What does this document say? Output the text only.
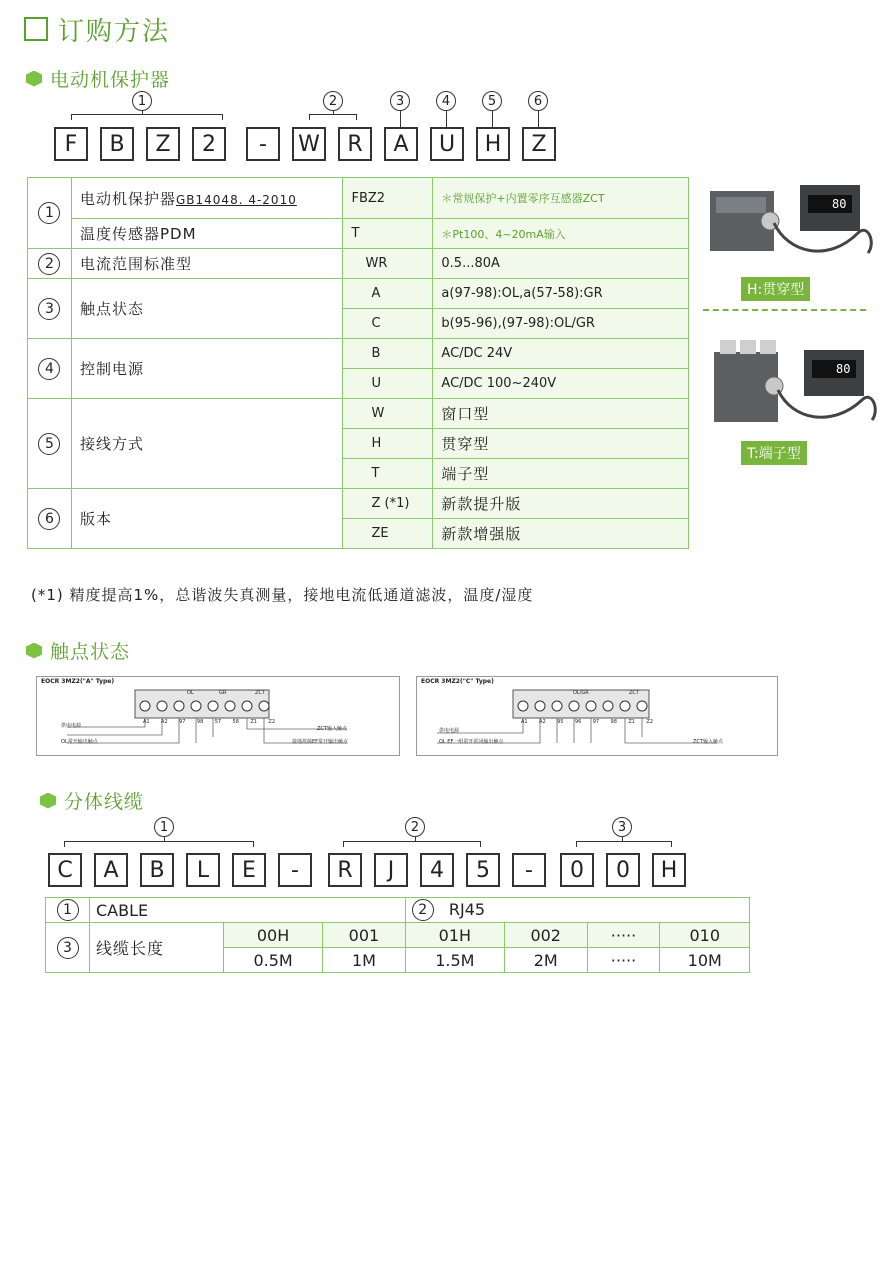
订购方法
电动机保护器
F	B	Z	2	-	W	R	A	U	H	Z
1	2	3	4	5	6
1	电动机保护器GB14048. 4-2010	FBZ2	＊常规保护+内置零序互感器ZCT
	温度传感器PDM	T	＊Pt100、4~20mA输入

2	电流范围标准型	WR	0.5...80A

3	触点状态	A	a(97-98):OL,a(57-58):GR
		C	b(95-96),(97-98):OL/GR

4	控制电源	B	AC/DC 24V
		U	AC/DC 100~240V

5	接线方式	W	窗口型
		H	贯穿型
		T	端子型

6	版本	Z (*1)	新款提升版
		ZE	新款增强版
(*1) 精度提高1%，总谐波失真测量，接地电流低通道滤波，温度/湿度
80
H:贯穿型
80
T:端子型
触点状态
EOCR 3MZ2("A" Type)
A1 A2 97 98 57 58 Z1 Z2
OL	GR	ZCT
供电电源
OL常开输出触点
ZCT输入触点
接地故障EF常开输出触点
EOCR 3MZ2("C" Type)
A1 A2 95 96 97 98 Z1 Z2
OL/GR	ZCT
供电电源
OL EF一组常开常闭输出触点	ZCT输入触点
分体线缆
1	2	3
C	A	B	L	E	-	R	J	4	5	-	0	0	H
1	CABLE			2 RJ45			

3	线缆长度	00H	001	01H	002	·····	010
		0.5M	1M	1.5M	2M	·····	10M
